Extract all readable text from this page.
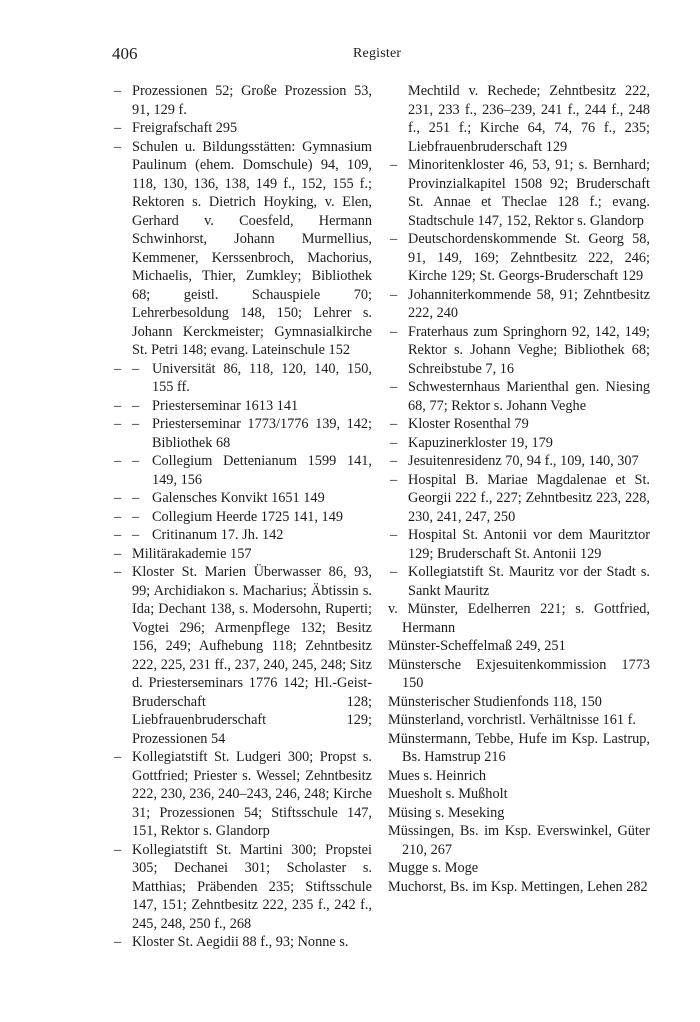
406	Register
– Prozessionen 52; Große Prozession 53, 91, 129 f.
– Freigrafschaft 295
– Schulen u. Bildungsstätten: Gymnasium Paulinum (ehem. Domschule) 94, 109, 118, 130, 136, 138, 149 f., 152, 155 f.; Rektoren s. Dietrich Hoyking, v. Elen, Gerhard v. Coesfeld, Hermann Schwinhorst, Johann Murmellius, Kemmener, Kerssenbroch, Machorius, Michaelis, Thier, Zumkley; Bibliothek 68; geistl. Schauspiele 70; Lehrerbesoldung 148, 150; Lehrer s. Johann Kerckmeister; Gymnasialkirche St. Petri 148; evang. Lateinschule 152
– – Universität 86, 118, 120, 140, 150, 155 ff.
– – Priesterseminar 1613 141
– – Priesterseminar 1773/1776 139, 142; Bibliothek 68
– – Collegium Dettenianum 1599 141, 149, 156
– – Galensches Konvikt 1651 149
– – Collegium Heerde 1725 141, 149
– – Critinanum 17. Jh. 142
– Militärakademie 157
– Kloster St. Marien Überwasser 86, 93, 99; Archidiakon s. Macharius; Äbtissin s. Ida; Dechant 138, s. Modersohn, Ruperti; Vogtei 296; Armenpflege 132; Besitz 156, 249; Aufhebung 118; Zehntbesitz 222, 225, 231 ff., 237, 240, 245, 248; Sitz d. Priesterseminars 1776 142; Hl.-Geist-Bruderschaft 128; Liebfrauenbruderschaft 129; Prozessionen 54
– Kollegiatstift St. Ludgeri 300; Propst s. Gottfried; Priester s. Wessel; Zehntbesitz 222, 230, 236, 240–243, 246, 248; Kirche 31; Prozessionen 54; Stiftsschule 147, 151, Rektor s. Glandorp
– Kollegiatstift St. Martini 300; Propstei 305; Dechanei 301; Scholaster s. Matthias; Präbenden 235; Stiftsschule 147, 151; Zehntbesitz 222, 235 f., 242 f., 245, 248, 250 f., 268
– Kloster St. Aegidii 88 f., 93; Nonne s.
Mechtild v. Rechede; Zehntbesitz 222, 231, 233 f., 236–239, 241 f., 244 f., 248 f., 251 f.; Kirche 64, 74, 76 f., 235; Liebfrauenbruderschaft 129
– Minoritenkloster 46, 53, 91; s. Bernhard; Provinzialkapitel 1508 92; Bruderschaft St. Annae et Theclae 128 f.; evang. Stadtschule 147, 152, Rektor s. Glandorp
– Deutschordenskommende St. Georg 58, 91, 149, 169; Zehntbesitz 222, 246; Kirche 129; St. Georgs-Bruderschaft 129
– Johanniterkommende 58, 91; Zehntbesitz 222, 240
– Fraterhaus zum Springhorn 92, 142, 149; Rektor s. Johann Veghe; Bibliothek 68; Schreibstube 7, 16
– Schwesternhaus Marienthal gen. Niesing 68, 77; Rektor s. Johann Veghe
– Kloster Rosenthal 79
– Kapuzinerkloster 19, 179
– Jesuitenresidenz 70, 94 f., 109, 140, 307
– Hospital B. Mariae Magdalenae et St. Georgii 222 f., 227; Zehntbesitz 223, 228, 230, 241, 247, 250
– Hospital St. Antonii vor dem Mauritztor 129; Bruderschaft St. Antonii 129
– Kollegiatstift St. Mauritz vor der Stadt s. Sankt Mauritz
v. Münster, Edelherren 221; s. Gottfried, Hermann
Münster-Scheffelmaß 249, 251
Münstersche Exjesuitenkommission 1773 150
Münsterischer Studienfonds 118, 150
Münsterland, vorchristl. Verhältnisse 161 f.
Münstermann, Tebbe, Hufe im Ksp. Lastrup, Bs. Hamstrup 216
Mues s. Heinrich
Muesholt s. Mußholt
Müsing s. Meseking
Müssingen, Bs. im Ksp. Everswinkel, Güter 210, 267
Mugge s. Moge
Muchorst, Bs. im Ksp. Mettingen, Lehen 282
